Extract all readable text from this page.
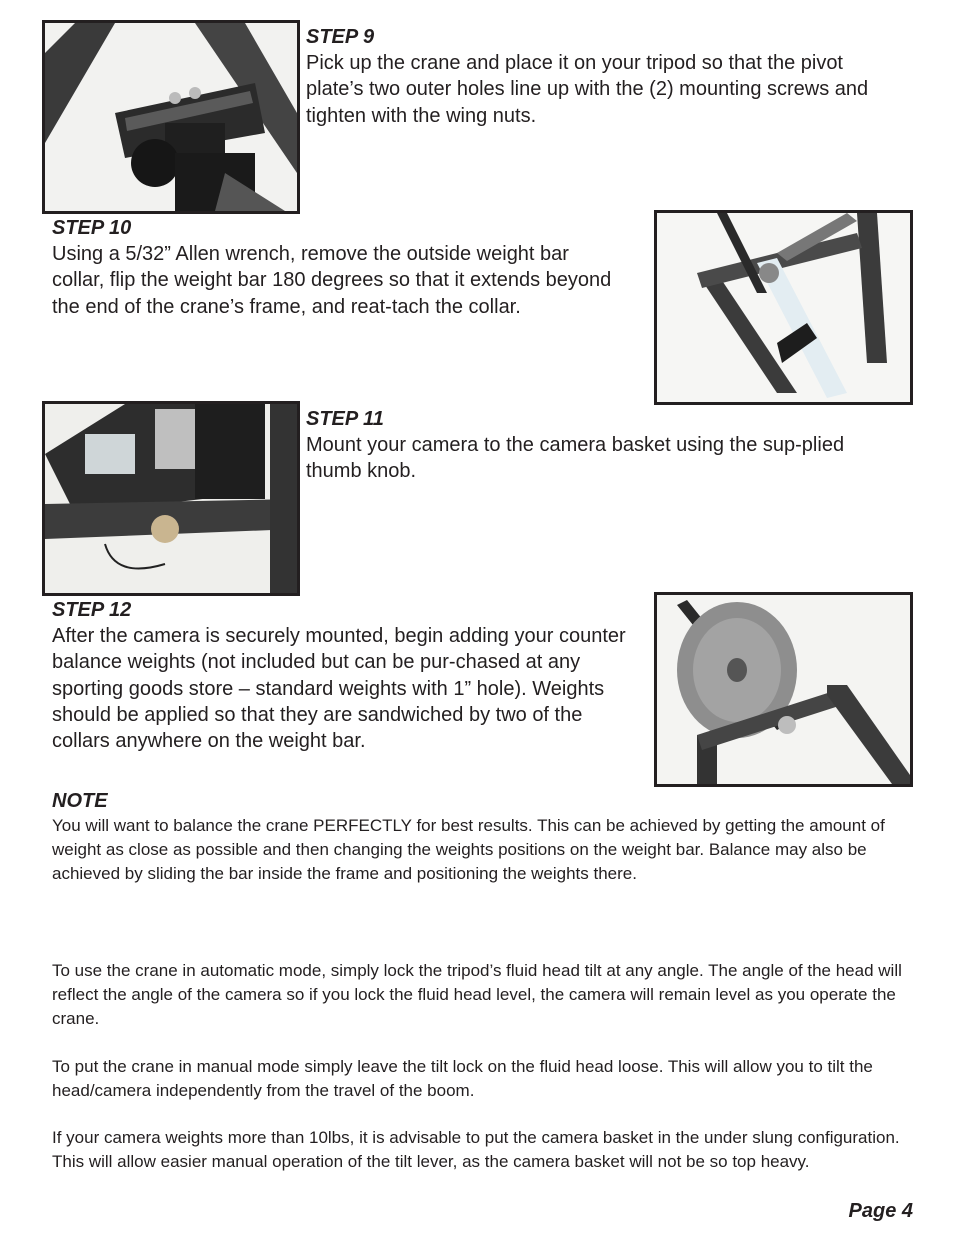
STEP 9

Pick up the crane and place it on your tripod so that the pivot plate’s two outer holes line up with the (2) mounting screws and tighten with the wing nuts.

STEP 10

Using a 5/32” Allen wrench, remove the outside weight bar collar, flip the weight bar 180 degrees so that it extends beyond the end of the crane’s frame, and reat-tach the collar.

STEP 11

Mount your camera to the camera basket using the sup-plied thumb knob.

STEP 12

After the camera is securely mounted, begin adding your counter balance weights (not included but can be pur-chased at any sporting goods store – standard weights with 1” hole). Weights should be applied so that they are sandwiched by two of the collars anywhere on the weight bar.

NOTE

You will want to balance the crane PERFECTLY for best results. This can be achieved by getting the amount of weight as close as possible and then changing the weights positions on the weight bar. Balance may also be achieved by sliding the bar inside the frame and positioning the weights there.

To use the crane in automatic mode, simply lock the tripod’s fluid head tilt at any angle. The angle of the head will reflect the angle of the camera so if you lock the fluid head level, the camera will remain level as you operate the crane.

To put the crane in manual mode simply leave the tilt lock on the fluid head loose. This will allow you to tilt the head/camera independently from the travel of the boom.

If your camera weights more than 10lbs, it is advisable to put the camera basket in the under slung configuration. This will allow easier manual operation of the tilt lever, as the camera basket will not be so top heavy.

Page 4
